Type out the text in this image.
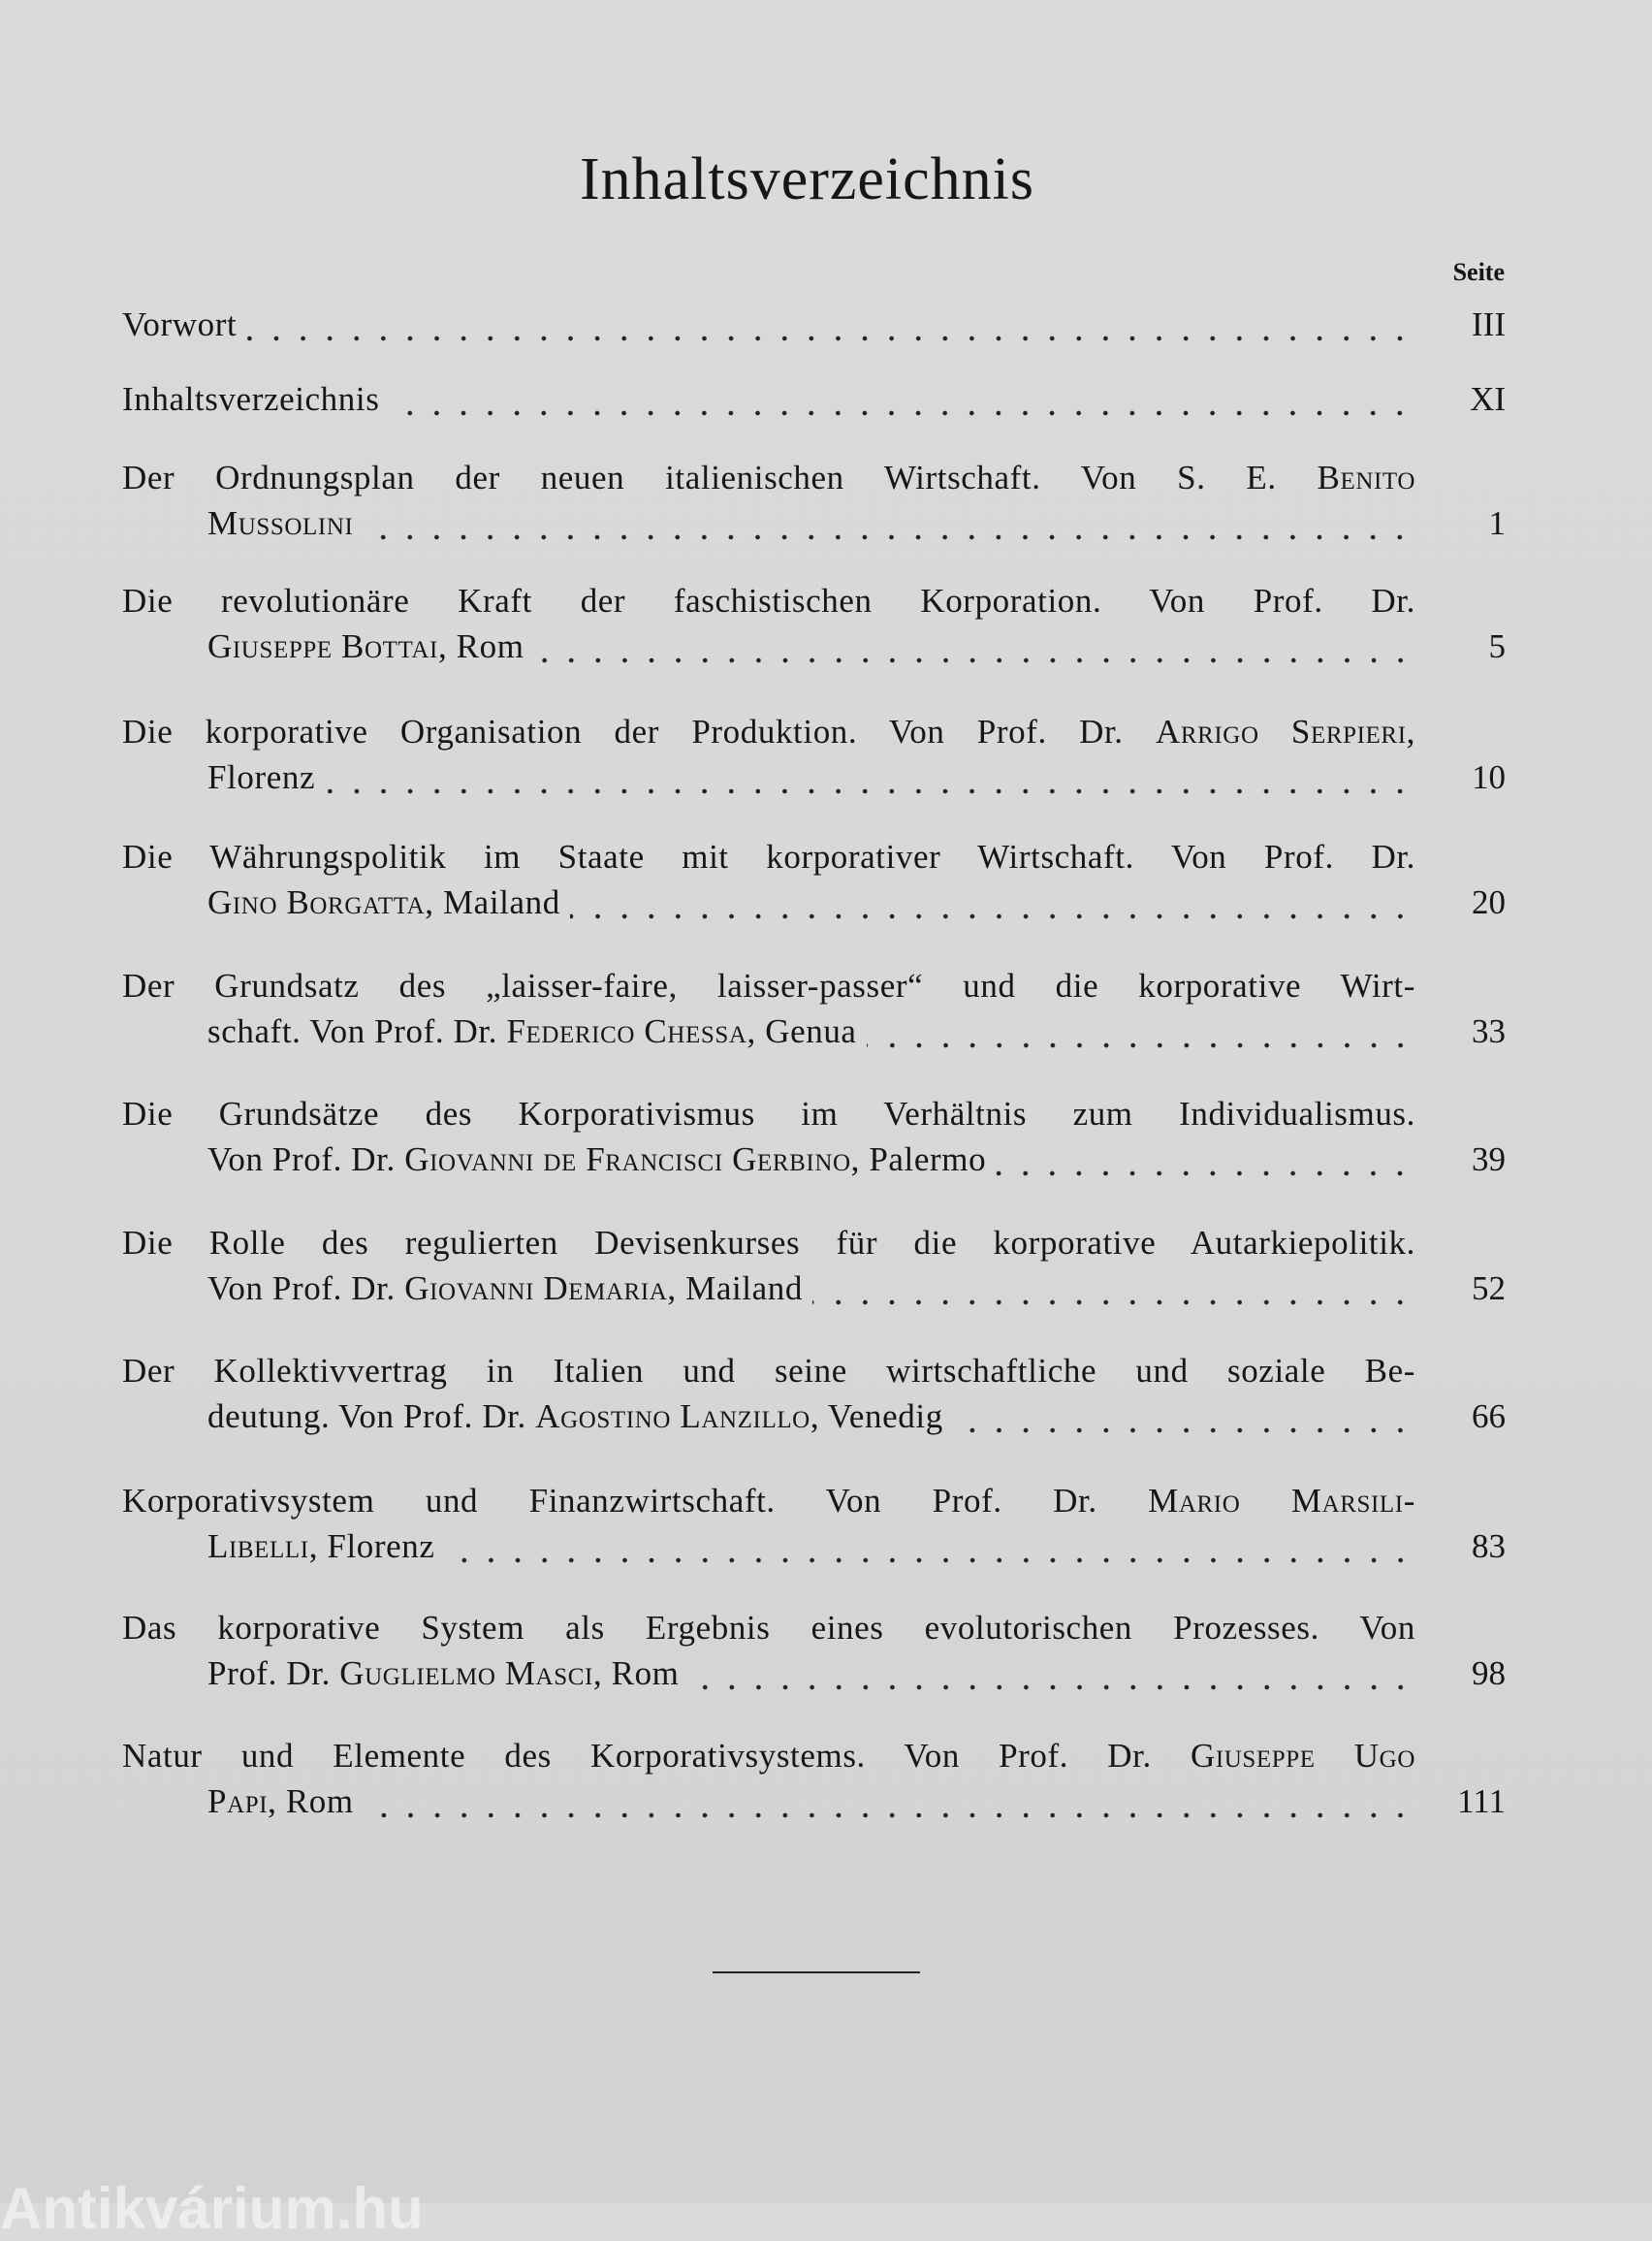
Inhaltsverzeichnis
Seite
Vorwort	III
Inhaltsverzeichnis	XI
Der Ordnungsplan der neuen italienischen Wirtschaft. Von S. E. Benito
Mussolini	1
Die revolutionäre Kraft der faschistischen Korporation. Von Prof. Dr.
Giuseppe Bottai, Rom	5
Die korporative Organisation der Produktion. Von Prof. Dr. Arrigo Serpieri,
Florenz	10
Die Währungspolitik im Staate mit korporativer Wirtschaft. Von Prof. Dr.
Gino Borgatta, Mailand	20
Der Grundsatz des „laisser-faire, laisser-passer“ und die korporative Wirt-
schaft. Von Prof. Dr. Federico Chessa, Genua	33
Die Grundsätze des Korporativismus im Verhältnis zum Individualismus.
Von Prof. Dr. Giovanni de Francisci Gerbino, Palermo	39
Die Rolle des regulierten Devisenkurses für die korporative Autarkiepolitik.
Von Prof. Dr. Giovanni Demaria, Mailand	52
Der Kollektivvertrag in Italien und seine wirtschaftliche und soziale Be-
deutung. Von Prof. Dr. Agostino Lanzillo, Venedig	66
Korporativsystem und Finanzwirtschaft. Von Prof. Dr. Mario Marsili-
Libelli, Florenz	83
Das korporative System als Ergebnis eines evolutorischen Prozesses. Von
Prof. Dr. Guglielmo Masci, Rom	98
Natur und Elemente des Korporativsystems. Von Prof. Dr. Giuseppe Ugo
Papi, Rom	111
Antikvárium.hu
